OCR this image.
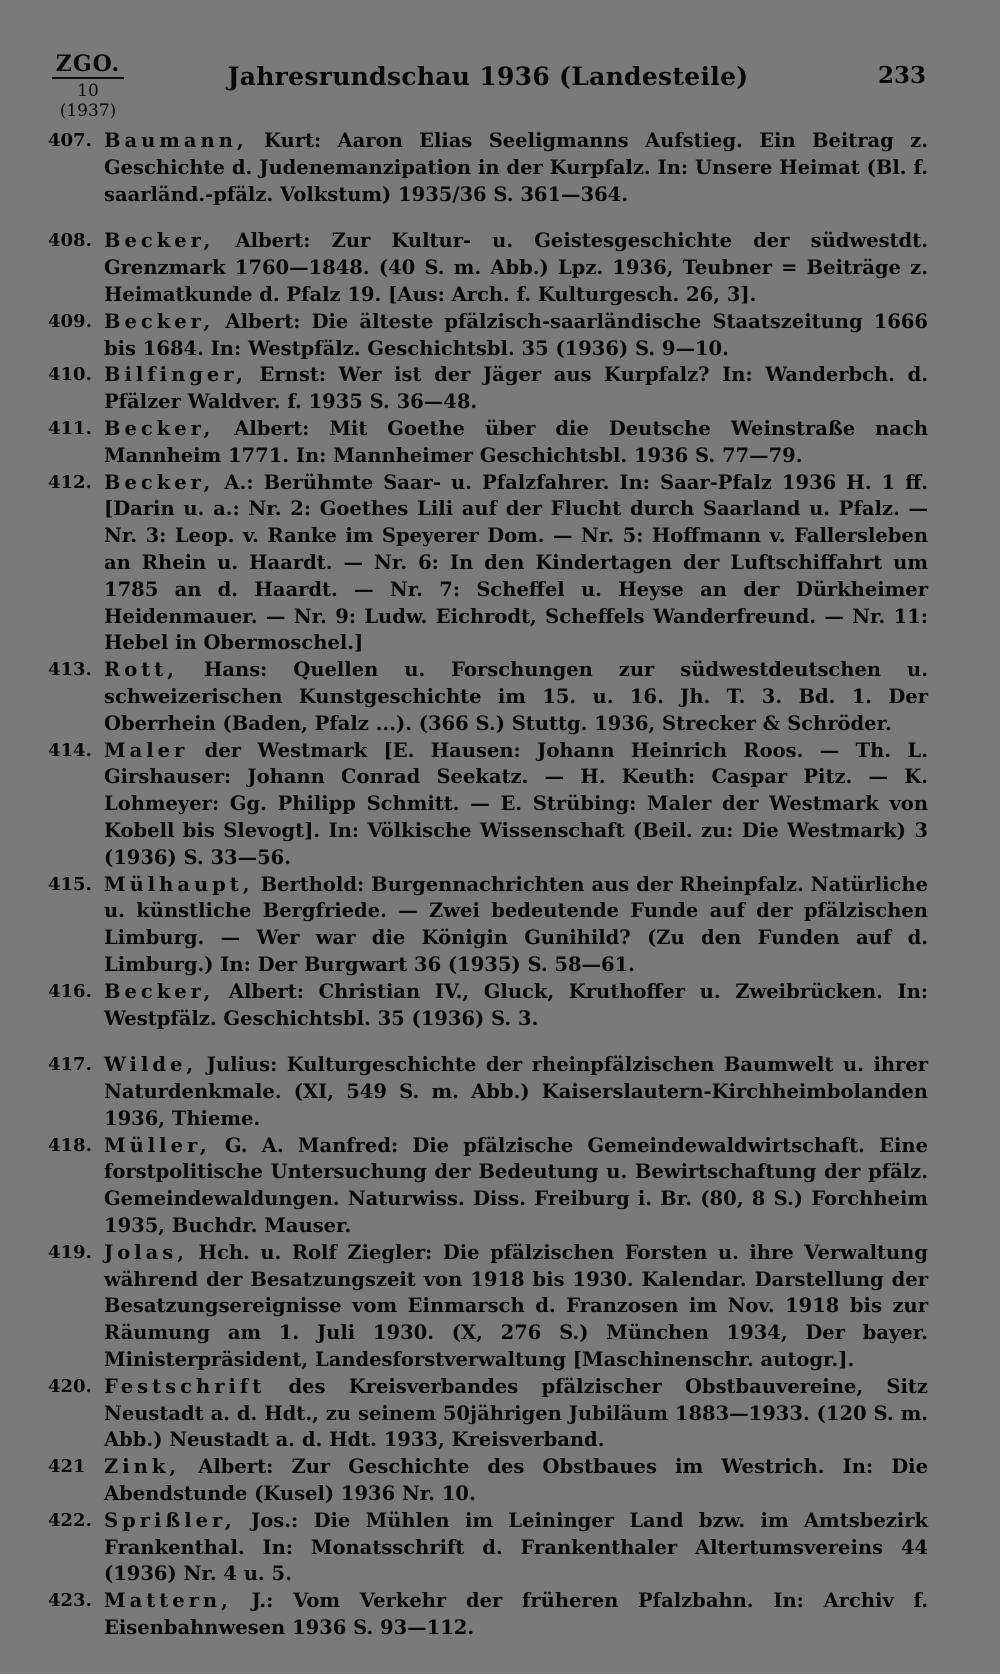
ZGO.
10 (1937)
Jahresrundschau 1936 (Landesteile)	233
407. Baumann, Kurt: Aaron Elias Seeligmanns Aufstieg. Ein Beitrag z. Geschichte d. Judenemanzipation in der Kurpfalz. In: Unsere Heimat (Bl. f. saarländ.-pfälz. Volkstum) 1935/36 S. 361—364.
408. Becker, Albert: Zur Kultur- u. Geistesgeschichte der südwestdt. Grenzmark 1760—1848. (40 S. m. Abb.) Lpz. 1936, Teubner = Beiträge z. Heimatkunde d. Pfalz 19. [Aus: Arch. f. Kulturgesch. 26, 3].
409. Becker, Albert: Die älteste pfälzisch-saarländische Staatszeitung 1666 bis 1684. In: Westpfälz. Geschichtsbl. 35 (1936) S. 9—10.
410. Bilfinger, Ernst: Wer ist der Jäger aus Kurpfalz? In: Wanderbch. d. Pfälzer Waldver. f. 1935 S. 36—48.
411. Becker, Albert: Mit Goethe über die Deutsche Weinstraße nach Mannheim 1771. In: Mannheimer Geschichtsbl. 1936 S. 77—79.
412. Becker, A.: Berühmte Saar- u. Pfalzfahrer. In: Saar-Pfalz 1936 H. 1 ff. [Darin u. a.: Nr. 2: Goethes Lili auf der Flucht durch Saarland u. Pfalz. — Nr. 3: Leop. v. Ranke im Speyerer Dom. — Nr. 5: Hoffmann v. Fallersleben an Rhein u. Haardt. — Nr. 6: In den Kindertagen der Luftschiffahrt um 1785 an d. Haardt. — Nr. 7: Scheffel u. Heyse an der Dürkheimer Heidenmauer. — Nr. 9: Ludw. Eichrodt, Scheffels Wanderfreund. — Nr. 11: Hebel in Obermoschel.]
413. Rott, Hans: Quellen u. Forschungen zur südwestdeutschen u. schweizerischen Kunstgeschichte im 15. u. 16. Jh. T. 3. Bd. 1. Der Oberrhein (Baden, Pfalz ...). (366 S.) Stuttg. 1936, Strecker & Schröder.
414. Maler der Westmark [E. Hausen: Johann Heinrich Roos. — Th. L. Girshauser: Johann Conrad Seekatz. — H. Keuth: Caspar Pitz. — K. Lohmeyer: Gg. Philipp Schmitt. — E. Strübing: Maler der Westmark von Kobell bis Slevogt]. In: Völkische Wissenschaft (Beil. zu: Die Westmark) 3 (1936) S. 33—56.
415. Mülhaupt, Berthold: Burgennachrichten aus der Rheinpfalz. Natürliche u. künstliche Bergfriede. — Zwei bedeutende Funde auf der pfälzischen Limburg. — Wer war die Königin Gunihild? (Zu den Funden auf d. Limburg.) In: Der Burgwart 36 (1935) S. 58—61.
416. Becker, Albert: Christian IV., Gluck, Kruthoffer u. Zweibrücken. In: Westpfälz. Geschichtsbl. 35 (1936) S. 3.
417. Wilde, Julius: Kulturgeschichte der rheinpfälzischen Baumwelt u. ihrer Naturdenkmale. (XI, 549 S. m. Abb.) Kaiserslautern-Kirchheimbolanden 1936, Thieme.
418. Müller, G. A. Manfred: Die pfälzische Gemeindewaldwirtschaft. Eine forstpolitische Untersuchung der Bedeutung u. Bewirtschaftung der pfälz. Gemeindewaldungen. Naturwiss. Diss. Freiburg i. Br. (80, 8 S.) Forchheim 1935, Buchdr. Mauser.
419. Jolas, Hch. u. Rolf Ziegler: Die pfälzischen Forsten u. ihre Verwaltung während der Besatzungszeit von 1918 bis 1930. Kalendar. Darstellung der Besatzungsereignisse vom Einmarsch d. Franzosen im Nov. 1918 bis zur Räumung am 1. Juli 1930. (X, 276 S.) München 1934, Der bayer. Ministerpräsident, Landesforstverwaltung [Maschinenschr. autogr.].
420. Festschrift des Kreisverbandes pfälzischer Obstbauvereine, Sitz Neustadt a. d. Hdt., zu seinem 50jährigen Jubiläum 1883—1933. (120 S. m. Abb.) Neustadt a. d. Hdt. 1933, Kreisverband.
421 Zink, Albert: Zur Geschichte des Obstbaues im Westrich. In: Die Abendstunde (Kusel) 1936 Nr. 10.
422. Sprißler, Jos.: Die Mühlen im Leininger Land bzw. im Amtsbezirk Frankenthal. In: Monatsschrift d. Frankenthaler Altertumsvereins 44 (1936) Nr. 4 u. 5.
423. Mattern, J.: Vom Verkehr der früheren Pfalzbahn. In: Archiv f. Eisenbahnwesen 1936 S. 93—112.
